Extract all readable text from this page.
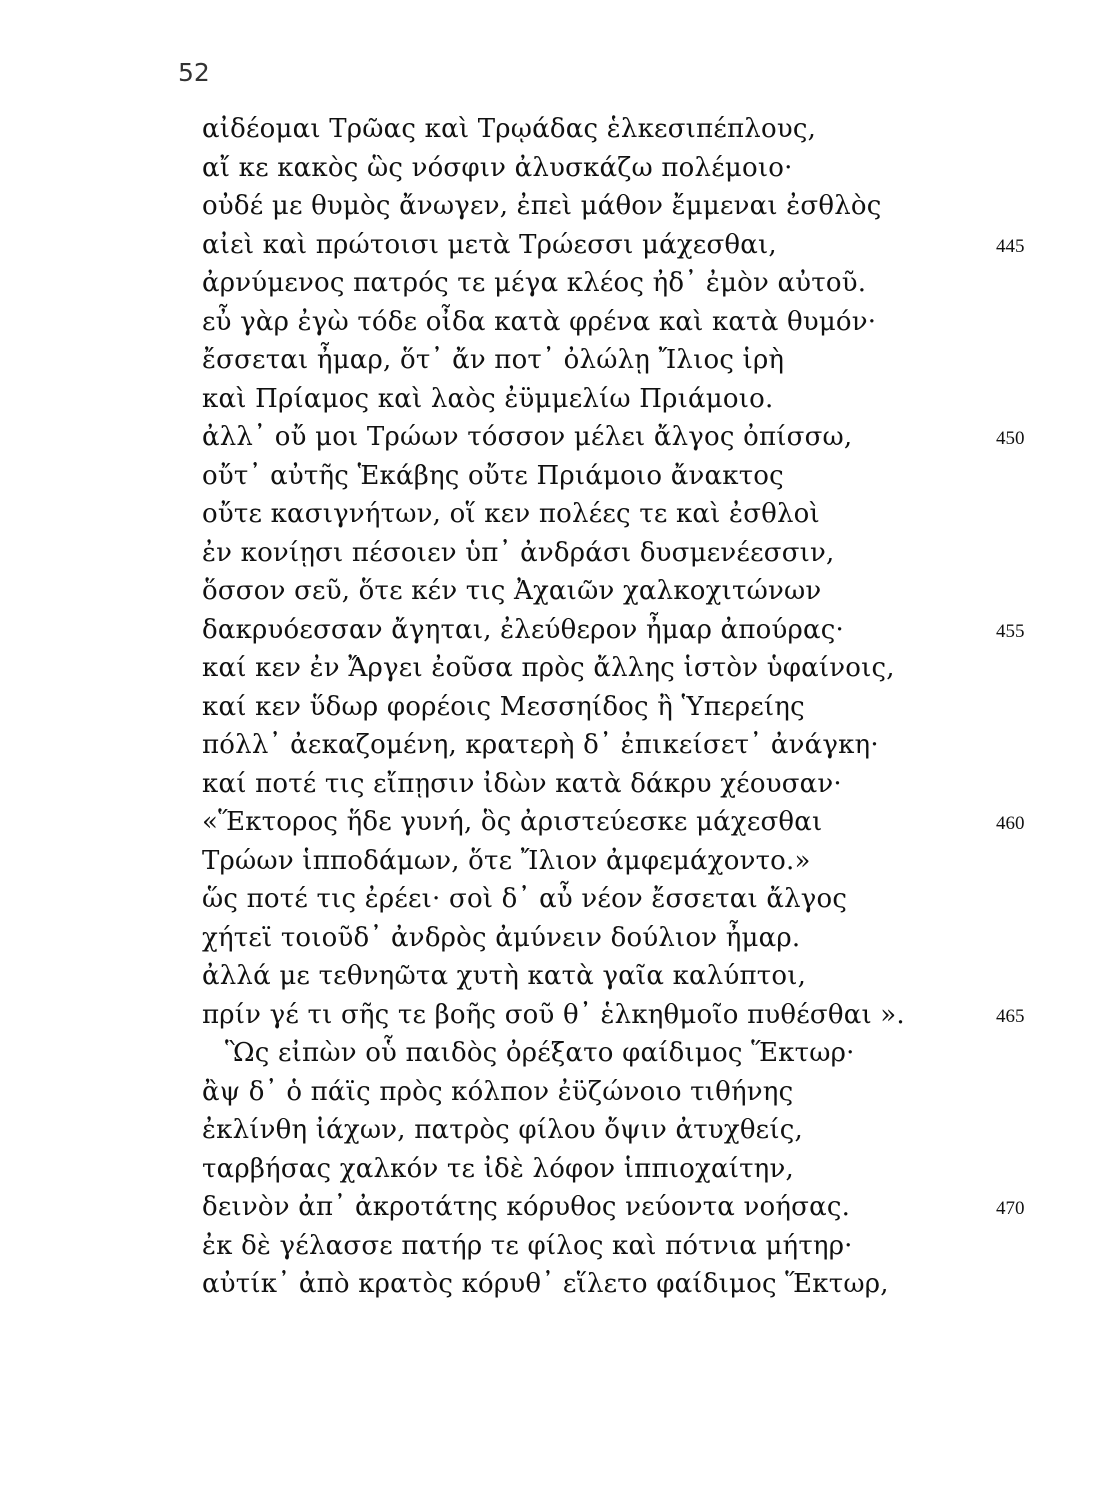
52
αἰδέομαι Τρῶας καὶ Τρῳάδας ἑλκεσιπέπλους,
αἴ κε κακὸς ὣς νόσφιν ἀλυσκάζω πολέμοιο·
οὐδέ με θυμὸς ἄνωγεν, ἐπεὶ μάθον ἔμμεναι ἐσθλὸς
αἰεὶ καὶ πρώτοισι μετὰ Τρώεσσι μάχεσθαι,	445
ἀρνύμενος πατρός τε μέγα κλέος ἠδ᾽ ἐμὸν αὐτοῦ.
εὖ γὰρ ἐγὼ τόδε οἶδα κατὰ φρένα καὶ κατὰ θυμόν·
ἔσσεται ἦμαρ, ὅτ᾽ ἄν ποτ᾽ ὀλώλῃ Ἴλιος ἱρὴ
καὶ Πρίαμος καὶ λαὸς ἐϋμμελίω Πριάμοιο.
ἀλλ᾽ οὔ μοι Τρώων τόσσον μέλει ἄλγος ὀπίσσω,	450
οὔτ᾽ αὐτῆς Ἑκάβης οὔτε Πριάμοιο ἄνακτος
οὔτε κασιγνήτων, οἵ κεν πολέες τε καὶ ἐσθλοὶ
ἐν κονίῃσι πέσοιεν ὑπ᾽ ἀνδράσι δυσμενέεσσιν,
ὅσσον σεῦ, ὅτε κέν τις Ἀχαιῶν χαλκοχιτώνων
δακρυόεσσαν ἄγηται, ἐλεύθερον ἦμαρ ἀπούρας·	455
καί κεν ἐν Ἄργει ἐοῦσα πρὸς ἄλλης ἱστὸν ὑφαίνοις,
καί κεν ὕδωρ φορέοις Μεσσηίδος ἢ Ὑπερείης
πόλλ᾽ ἀεκαζομένη, κρατερὴ δ᾽ ἐπικείσετ᾽ ἀνάγκη·
καί ποτέ τις εἴπῃσιν ἰδὼν κατὰ δάκρυ χέουσαν·
«Ἕκτορος ἥδε γυνή, ὃς ἀριστεύεσκε μάχεσθαι	460
Τρώων ἱπποδάμων, ὅτε Ἴλιον ἀμφεμάχοντο.»
ὥς ποτέ τις ἐρέει· σοὶ δ᾽ αὖ νέον ἔσσεται ἄλγος
χήτεϊ τοιοῦδ᾽ ἀνδρὸς ἀμύνειν δούλιον ἦμαρ.
ἀλλά με τεθνηῶτα χυτὴ κατὰ γαῖα καλύπτοι,
πρίν γέ τι σῆς τε βοῆς σοῦ θ᾽ ἑλκηθμοῖο πυθέσθαι ».	465
Ὣς εἰπὼν οὗ παιδὸς ὀρέξατο φαίδιμος Ἕκτωρ·
ἂψ δ᾽ ὁ πάϊς πρὸς κόλπον ἐϋζώνοιο τιθήνης
ἐκλίνθη ἰάχων, πατρὸς φίλου ὄψιν ἀτυχθείς,
ταρβήσας χαλκόν τε ἰδὲ λόφον ἱππιοχαίτην,
δεινὸν ἀπ᾽ ἀκροτάτης κόρυθος νεύοντα νοήσας.	470
ἐκ δὲ γέλασσε πατήρ τε φίλος καὶ πότνια μήτηρ·
αὐτίκ᾽ ἀπὸ κρατὸς κόρυθ᾽ εἵλετο φαίδιμος Ἕκτωρ,
